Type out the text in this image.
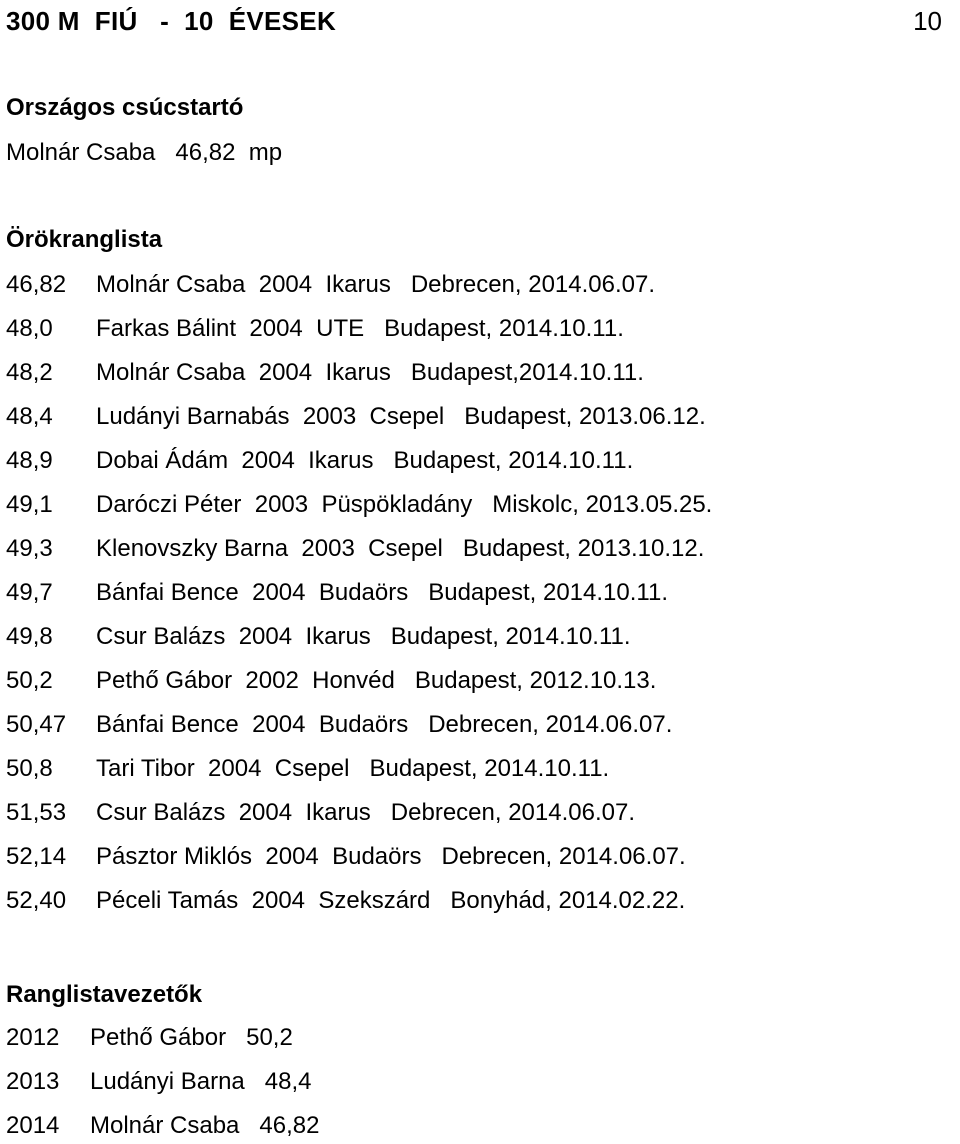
300 M  FIÚ   -  10  ÉVESEK	10
Országos csúcstartó
Molnár Csaba   46,82  mp
Örökranglista
46,82 Molnár Csaba  2004  Ikarus   Debrecen, 2014.06.07.
48,0 Farkas Bálint  2004  UTE   Budapest, 2014.10.11.
48,2 Molnár Csaba  2004  Ikarus   Budapest,2014.10.11.
48,4 Ludányi Barnabás  2003  Csepel   Budapest, 2013.06.12.
48,9 Dobai Ádám  2004  Ikarus   Budapest, 2014.10.11.
49,1 Daróczi Péter  2003  Püspökladány   Miskolc, 2013.05.25.
49,3 Klenovszky Barna  2003  Csepel   Budapest, 2013.10.12.
49,7 Bánfai Bence  2004  Budaörs   Budapest, 2014.10.11.
49,8 Csur Balázs  2004  Ikarus   Budapest, 2014.10.11.
50,2 Pethő Gábor  2002  Honvéd   Budapest, 2012.10.13.
50,47 Bánfai Bence  2004  Budaörs   Debrecen, 2014.06.07.
50,8 Tari Tibor  2004  Csepel   Budapest, 2014.10.11.
51,53 Csur Balázs  2004  Ikarus   Debrecen, 2014.06.07.
52,14 Pásztor Miklós  2004  Budaörs   Debrecen, 2014.06.07.
52,40 Péceli Tamás  2004  Szekszárd   Bonyhád, 2014.02.22.
Ranglistavezetők
2012 Pethő Gábor   50,2
2013 Ludányi Barna   48,4
2014 Molnár Csaba   46,82
